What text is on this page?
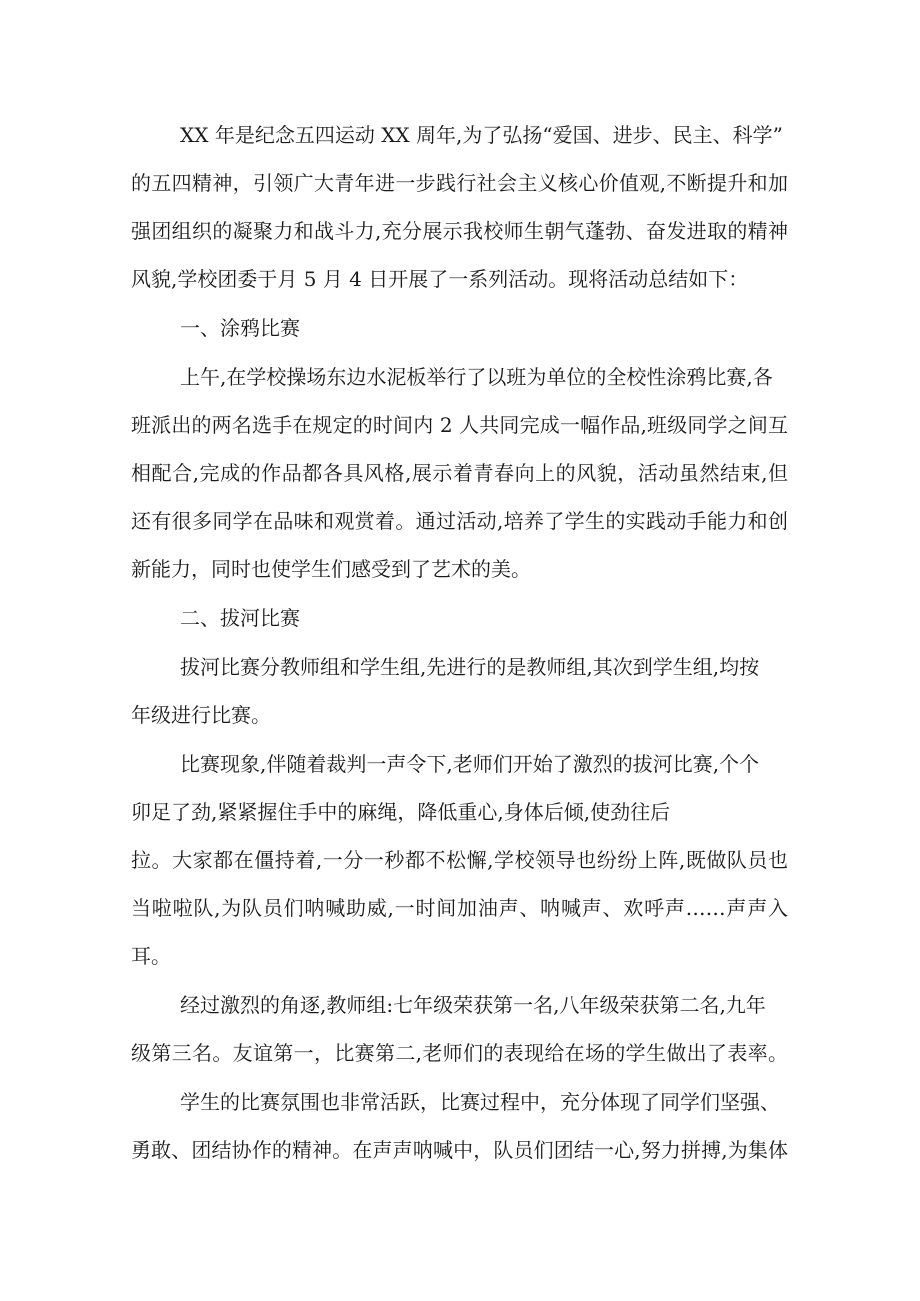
XX 年是纪念五四运动 XX 周年,为了弘扬“爱国、进步、民主、科学”
的五四精神，引领广大青年进一步践行社会主义核心价值观,不断提升和加
强团组织的凝聚力和战斗力,充分展示我校师生朝气蓬勃、奋发进取的精神
风貌,学校团委于月 5 月 4 日开展了一系列活动。现将活动总结如下：
一、涂鸦比赛
上午,在学校操场东边水泥板举行了以班为单位的全校性涂鸦比赛,各
班派出的两名选手在规定的时间内 2 人共同完成一幅作品,班级同学之间互
相配合,完成的作品都各具风格,展示着青春向上的风貌，活动虽然结束,但
还有很多同学在品味和观赏着。通过活动,培养了学生的实践动手能力和创
新能力，同时也使学生们感受到了艺术的美。
二、拔河比赛
拔河比赛分教师组和学生组,先进行的是教师组,其次到学生组,均按
年级进行比赛。
比赛现象,伴随着裁判一声令下,老师们开始了激烈的拔河比赛,个个
卯足了劲,紧紧握住手中的麻绳，降低重心,身体后倾,使劲往后
拉。大家都在僵持着,一分一秒都不松懈,学校领导也纷纷上阵,既做队员也
当啦啦队,为队员们呐喊助威,一时间加油声、呐喊声、欢呼声……声声入
耳。
经过激烈的角逐,教师组:七年级荣获第一名,八年级荣获第二名,九年
级第三名。友谊第一，比赛第二,老师们的表现给在场的学生做出了表率。
学生的比赛氛围也非常活跃，比赛过程中，充分体现了同学们坚强、
勇敢、团结协作的精神。在声声呐喊中，队员们团结一心,努力拼搏,为集体
